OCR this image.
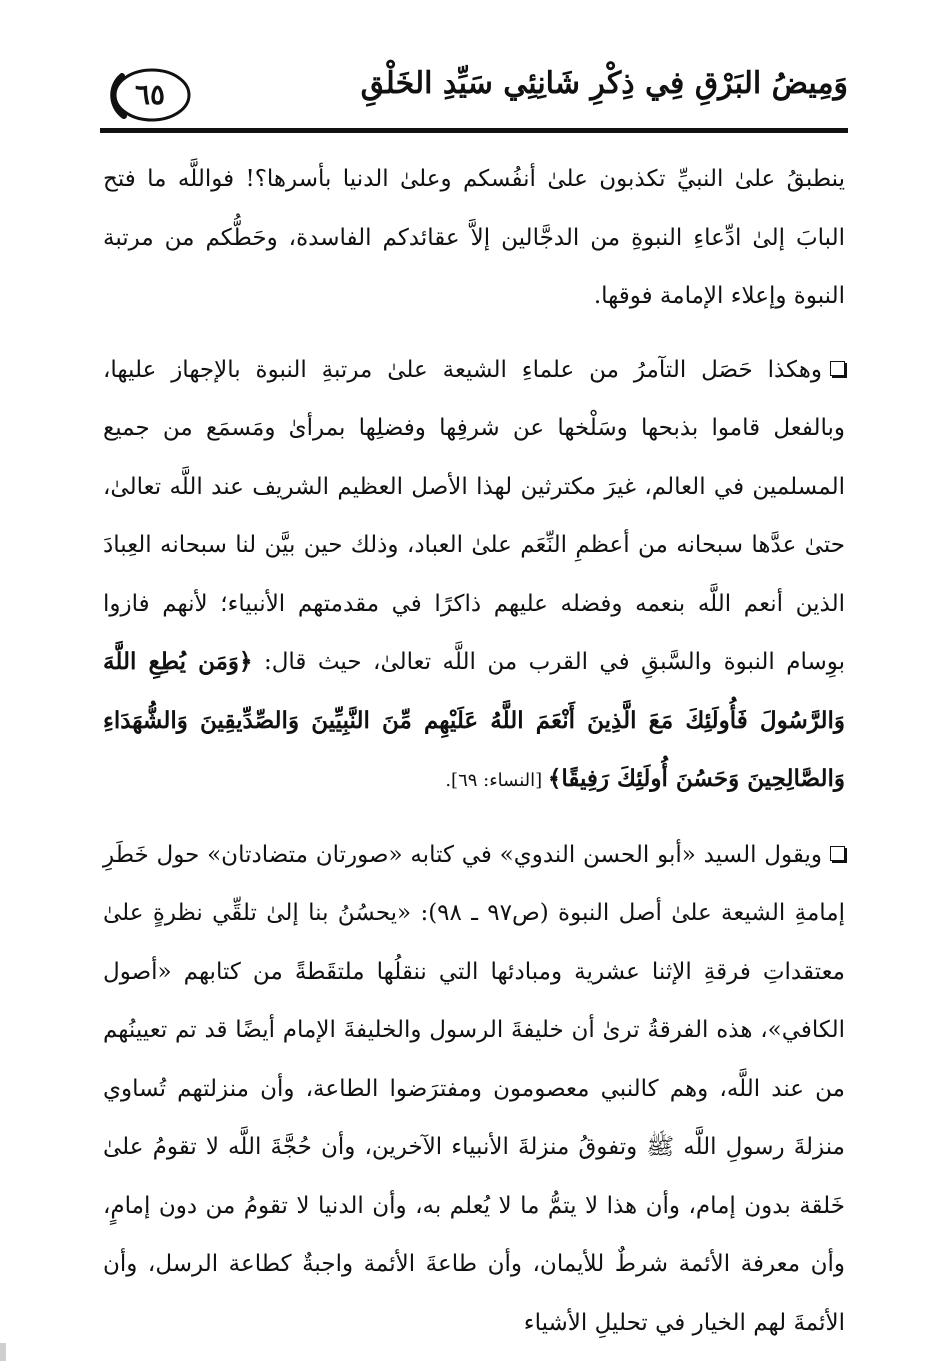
وَمِيضُ البَرْقِ فِي ذِكْرِ شَانِئِي سَيِّدِ الخَلْقِ
٦٥

ينطبقُ علىٰ النبيِّ تكذبون علىٰ أنفُسكم وعلىٰ الدنيا بأسرها؟! فواللَّه ما فتح البابَ إلىٰ ادِّعاءِ النبوةِ من الدجَّالين إلاَّ عقائدكم الفاسدة، وحَطُّكم من مرتبة النبوة وإعلاء الإمامة فوقها.

وهكذا حَصَل التآمرُ من علماءِ الشيعة علىٰ مرتبةِ النبوة بالإجهاز عليها، وبالفعل قاموا بذبحها وسَلْخها عن شرفِها وفضلِها بمرأىٰ ومَسمَع من جميع المسلمين في العالم، غيرَ مكترثين لهذا الأصل العظيم الشريف عند اللَّه تعالىٰ، حتىٰ عدَّها سبحانه من أعظمِ النِّعَم علىٰ العباد، وذلك حين بيَّن لنا سبحانه العِبادَ الذين أنعم اللَّه بنعمه وفضله عليهم ذاكرًا في مقدمتهم الأنبياء؛ لأنهم فازوا بوِسام النبوة والسَّبقِ في القرب من اللَّه تعالىٰ، حيث قال: ﴿وَمَن يُطِعِ اللَّهَ وَالرَّسُولَ فَأُولَئِكَ مَعَ الَّذِينَ أَنْعَمَ اللَّهُ عَلَيْهِم مِّنَ النَّبِيِّينَ وَالصِّدِّيقِينَ وَالشُّهَدَاءِ وَالصَّالِحِينَ وَحَسُنَ أُولَئِكَ رَفِيقًا﴾ [النساء: ٦٩].

ويقول السيد «أبو الحسن الندوي» في كتابه «صورتان متضادتان» حول خَطَرِ إمامةِ الشيعة علىٰ أصل النبوة (ص٩٧ ـ ٩٨): «يحسُنُ بنا إلىٰ تلقِّي نظرةٍ علىٰ معتقداتِ فرقةِ الإثنا عشرية ومبادئها التي ننقلُها ملتقَطةً من كتابهم «أصول الكافي»، هذه الفرقةُ ترىٰ أن خليفةَ الرسول والخليفةَ الإمام أيضًا قد تم تعيينُهم من عند اللَّه، وهم كالنبي معصومون ومفترَضوا الطاعة، وأن منزلتهم تُساوي منزلةَ رسولِ اللَّه ﷺ وتفوقُ منزلةَ الأنبياء الآخرين، وأن حُجَّةَ اللَّه لا تقومُ علىٰ خَلقة بدون إمام، وأن هذا لا يتمُّ ما لا يُعلم به، وأن الدنيا لا تقومُ من دون إمامٍ، وأن معرفة الأئمة شرطٌ للأيمان، وأن طاعةَ الأئمة واجبةٌ كطاعة الرسل، وأن الأئمةَ لهم الخيار في تحليلِ الأشياء
